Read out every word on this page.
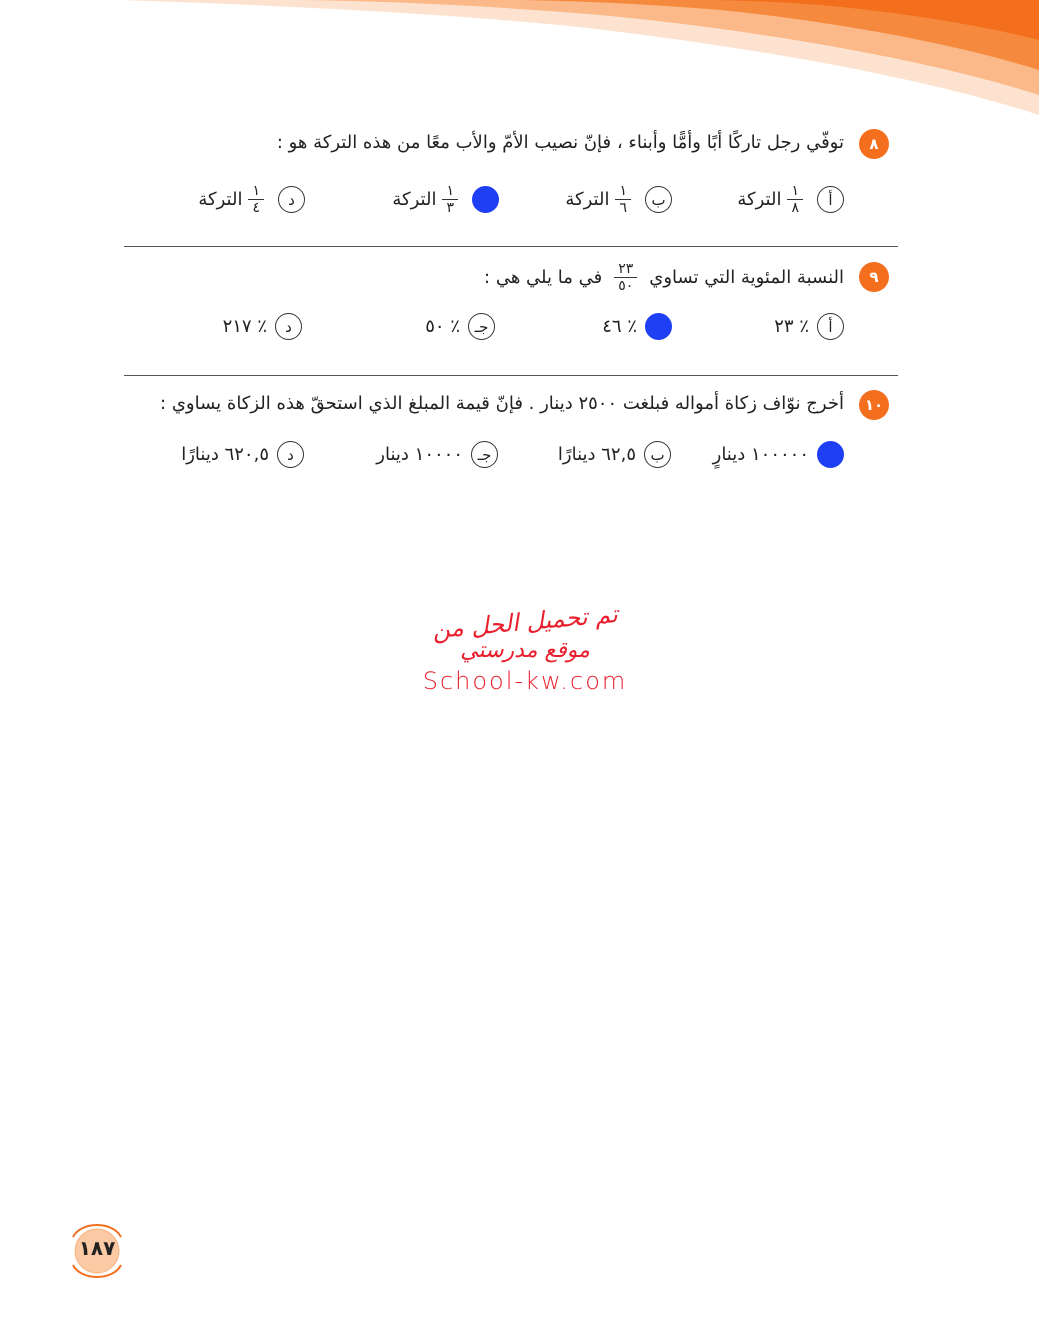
٨
توفّي رجل تاركًا أبًا وأمًّا وأبناء ، فإنّ نصيب الأمّ والأب معًا من هذه التركة هو :
أ
$\frac{١}{٨}$
التركة
ب
$\frac{١}{٦}$
التركة
$\frac{١}{٣}$
التركة
د
$\frac{١}{٤}$
التركة
٩
النسبة المئوية التي تساوي
$\frac{٢٣}{٥٠}$
في ما يلي هي :
أ
٪ ٢٣
٪ ٤٦
جـ
٪ ٥٠
د
٪ ٢١٧
١٠
أخرج نوّاف زكاة أمواله فبلغت ٢٥٠٠ دينار . فإنّ قيمة المبلغ الذي استحقّ هذه الزكاة يساوي :
١٠٠٠٠٠ دينارٍ
ب
٦٢,٥ دينارًا
جـ
١٠٠٠٠ دينار
د
٦٢٠,٥ دينارًا
تم تحميل الحل من
موقع مدرستي
School-kw.com
١٨٧
